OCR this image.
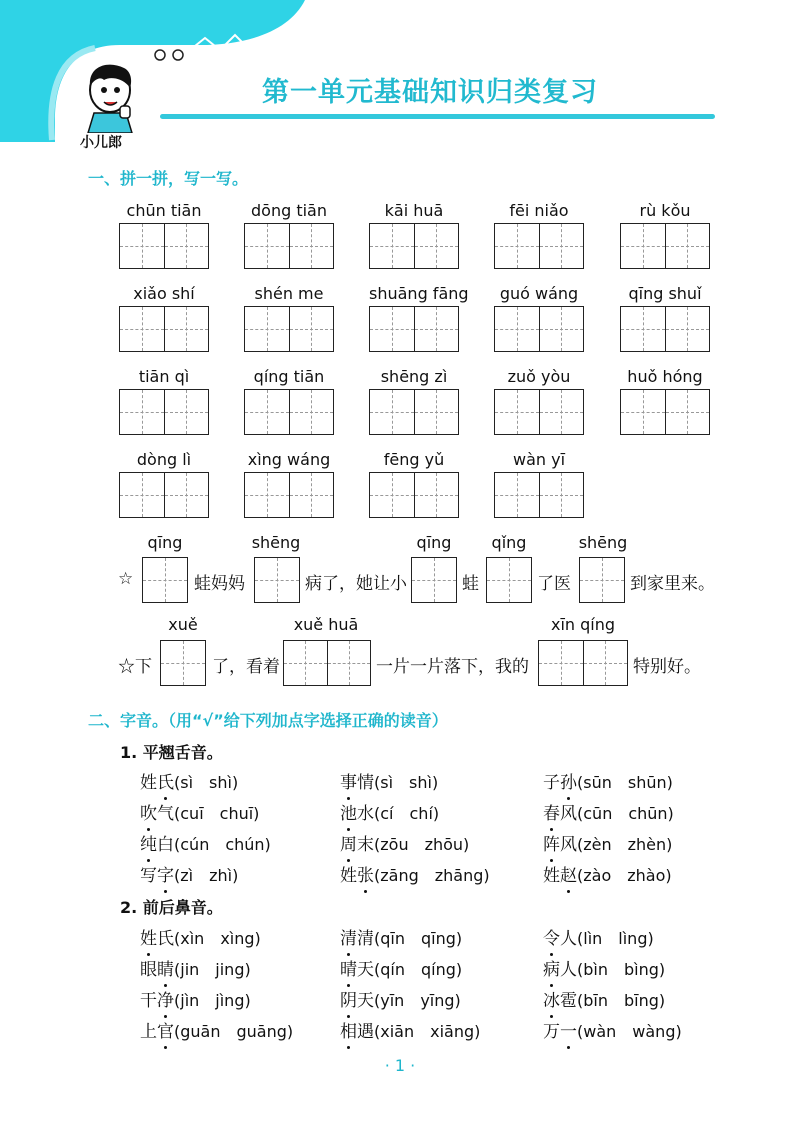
小儿郎
第一单元基础知识归类复习
一、拼一拼，写一写。
chūn tiān	dōng tiān	kāi huā	fēi niǎo	rù kǒu
xiǎo shí	shén me	shuāng fāng	guó wáng	qīng shuǐ
tiān qì	qíng tiān	shēng zì	zuǒ yòu	huǒ hóng
dòng lì	xìng wáng	fēng yǔ	wàn yī
qīng	shēng	qīng	qǐng	shēng
☆	蛙妈妈	病了，她让小	蛙	了医	到家里来。
xuě	xuě huā	xīn qíng
☆下	了，看着	一片一片落下，我的	特别好。
二、字音。（用“√”给下列加点字选择正确的读音）
1. 平翘舌音。
姓氏(sì shì)	事情(sì shì)	子孙(sūn shūn)
吹气(cuī chuī)	池水(cí chí)	春风(cūn chūn)
纯白(cún chún)	周末(zōu zhōu)	阵风(zèn zhèn)
写字(zì zhì)	姓张(zāng zhāng)	姓赵(zào zhào)
2. 前后鼻音。
姓氏(xìn xìng)	清清(qīn qīng)	令人(lìn lìng)
眼睛(jin jing)	晴天(qín qíng)	病人(bìn bìng)
干净(jìn jìng)	阴天(yīn yīng)	冰雹(bīn bīng)
上官(guān guāng)	相遇(xiān xiāng)	万一(wàn wàng)
· 1 ·
